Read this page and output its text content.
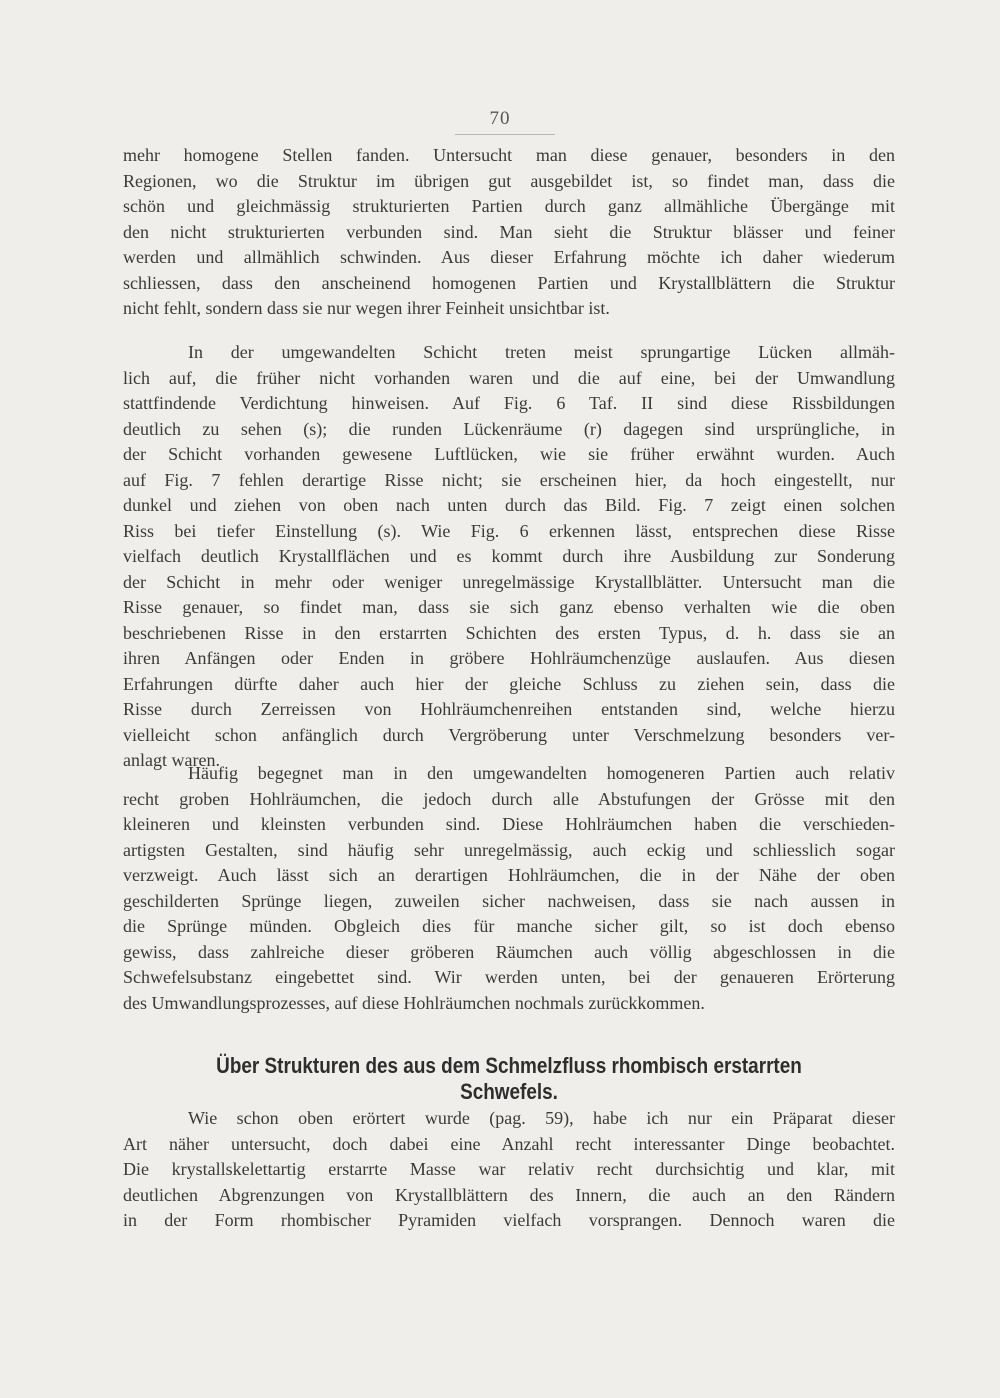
70
mehr homogene Stellen fanden. Untersucht man diese genauer, besonders in den
Regionen, wo die Struktur im übrigen gut ausgebildet ist, so findet man, dass die
schön und gleichmässig strukturierten Partien durch ganz allmähliche Übergänge mit
den nicht strukturierten verbunden sind. Man sieht die Struktur blässer und feiner
werden und allmählich schwinden. Aus dieser Erfahrung möchte ich daher wiederum
schliessen, dass den anscheinend homogenen Partien und Krystallblättern die Struktur
nicht fehlt, sondern dass sie nur wegen ihrer Feinheit unsichtbar ist.
In der umgewandelten Schicht treten meist sprungartige Lücken allmäh-
lich auf, die früher nicht vorhanden waren und die auf eine, bei der Umwandlung
stattfindende Verdichtung hinweisen. Auf Fig. 6 Taf. II sind diese Rissbildungen
deutlich zu sehen (s); die runden Lückenräume (r) dagegen sind ursprüngliche, in
der Schicht vorhanden gewesene Luftlücken, wie sie früher erwähnt wurden. Auch
auf Fig. 7 fehlen derartige Risse nicht; sie erscheinen hier, da hoch eingestellt, nur
dunkel und ziehen von oben nach unten durch das Bild. Fig. 7 zeigt einen solchen
Riss bei tiefer Einstellung (s). Wie Fig. 6 erkennen lässt, entsprechen diese Risse
vielfach deutlich Krystallflächen und es kommt durch ihre Ausbildung zur Sonderung
der Schicht in mehr oder weniger unregelmässige Krystallblätter. Untersucht man die
Risse genauer, so findet man, dass sie sich ganz ebenso verhalten wie die oben
beschriebenen Risse in den erstarrten Schichten des ersten Typus, d. h. dass sie an
ihren Anfängen oder Enden in gröbere Hohlräumchenzüge auslaufen. Aus diesen
Erfahrungen dürfte daher auch hier der gleiche Schluss zu ziehen sein, dass die
Risse durch Zerreissen von Hohlräumchenreihen entstanden sind, welche hierzu
vielleicht schon anfänglich durch Vergröberung unter Verschmelzung besonders ver-
anlagt waren.
Häufig begegnet man in den umgewandelten homogeneren Partien auch relativ
recht groben Hohlräumchen, die jedoch durch alle Abstufungen der Grösse mit den
kleineren und kleinsten verbunden sind. Diese Hohlräumchen haben die verschieden-
artigsten Gestalten, sind häufig sehr unregelmässig, auch eckig und schliesslich sogar
verzweigt. Auch lässt sich an derartigen Hohlräumchen, die in der Nähe der oben
geschilderten Sprünge liegen, zuweilen sicher nachweisen, dass sie nach aussen in
die Sprünge münden. Obgleich dies für manche sicher gilt, so ist doch ebenso
gewiss, dass zahlreiche dieser gröberen Räumchen auch völlig abgeschlossen in die
Schwefelsubstanz eingebettet sind. Wir werden unten, bei der genaueren Erörterung
des Umwandlungsprozesses, auf diese Hohlräumchen nochmals zurückkommen.
Über Strukturen des aus dem Schmelzfluss rhombisch erstarrten
Schwefels.
Wie schon oben erörtert wurde (pag. 59), habe ich nur ein Präparat dieser
Art näher untersucht, doch dabei eine Anzahl recht interessanter Dinge beobachtet.
Die krystallskelettartig erstarrte Masse war relativ recht durchsichtig und klar, mit
deutlichen Abgrenzungen von Krystallblättern des Innern, die auch an den Rändern
in der Form rhombischer Pyramiden vielfach vorsprangen. Dennoch waren die
